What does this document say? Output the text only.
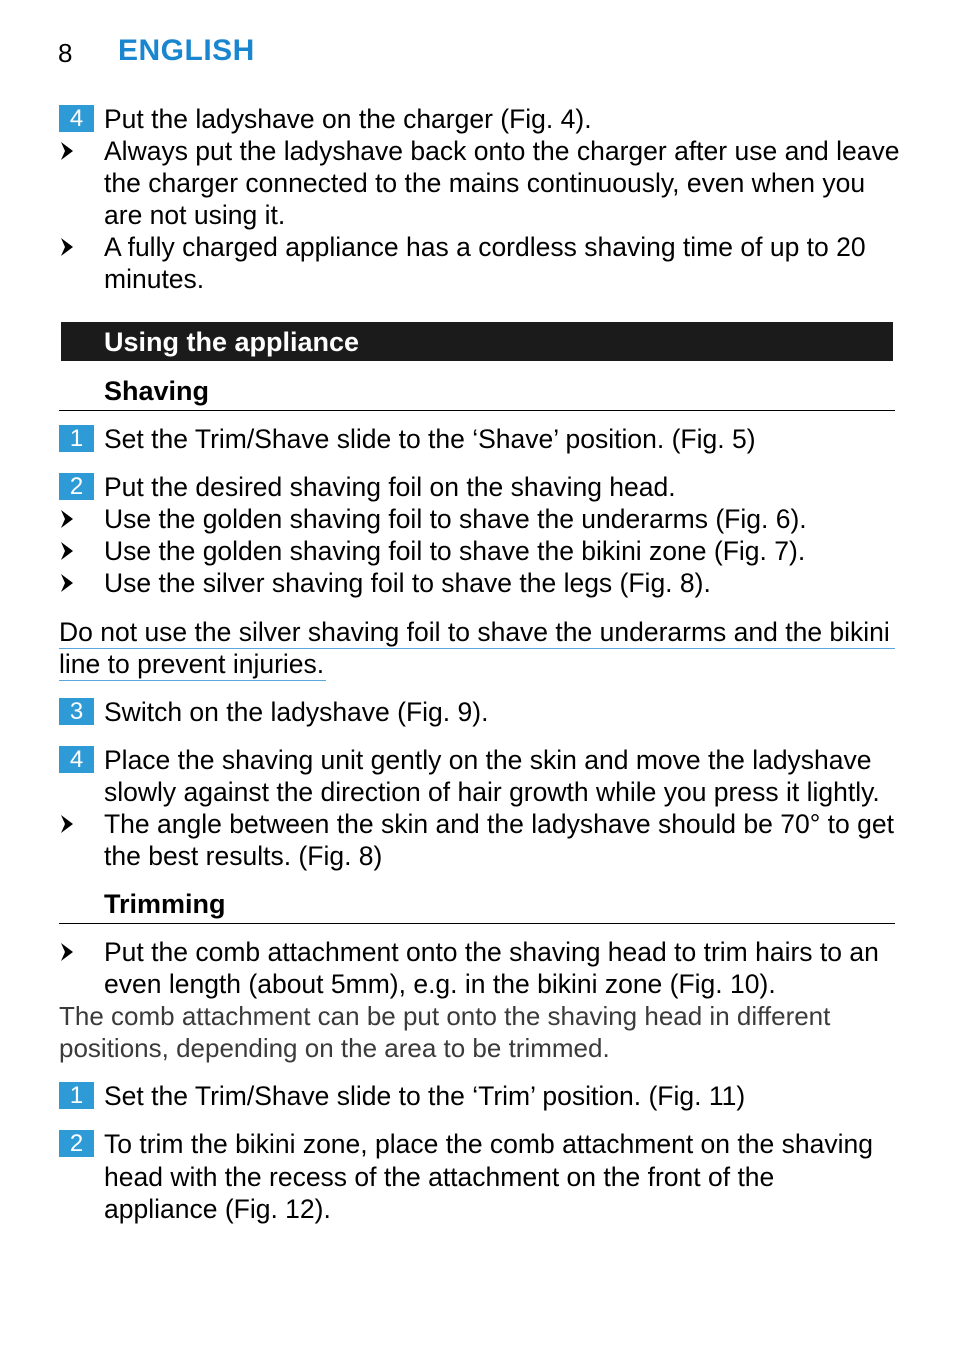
8 ENGLISH
4 Put the ladyshave on the charger (Fig. 4).
Always put the ladyshave back onto the charger after use and leave
the charger connected to the mains continuously, even when you
are not using it.
A fully charged appliance has a cordless shaving time of up to 20
minutes.
Using the appliance
Shaving
1 Set the Trim/Shave slide to the ‘Shave’ position. (Fig. 5)
2 Put the desired shaving foil on the shaving head.
Use the golden shaving foil to shave the underarms (Fig. 6).
Use the golden shaving foil to shave the bikini zone (Fig. 7).
Use the silver shaving foil to shave the legs (Fig. 8).
Do not use the silver shaving foil to shave the underarms and the bikini
line to prevent injuries.
3 Switch on the ladyshave (Fig. 9).
4 Place the shaving unit gently on the skin and move the ladyshave
slowly against the direction of hair growth while you press it lightly.
The angle between the skin and the ladyshave should be 70° to get
the best results. (Fig. 8)
Trimming
Put the comb attachment onto the shaving head to trim hairs to an
even length (about 5mm), e.g. in the bikini zone (Fig. 10).
The comb attachment can be put onto the shaving head in different
positions, depending on the area to be trimmed.
1 Set the Trim/Shave slide to the ‘Trim’ position. (Fig. 11)
2 To trim the bikini zone, place the comb attachment on the shaving
head with the recess of the attachment on the front of the
appliance (Fig. 12).
